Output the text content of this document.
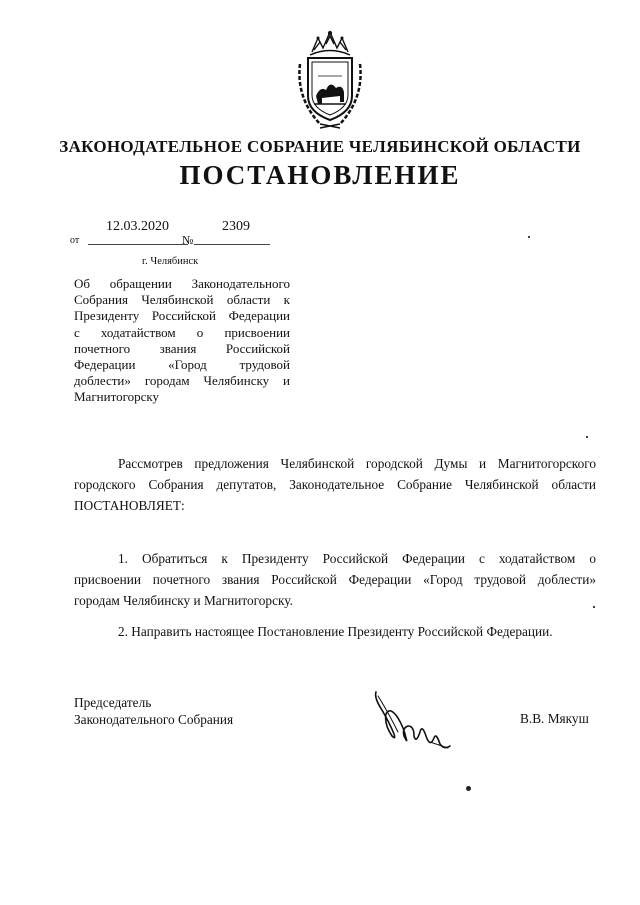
ЗАКОНОДАТЕЛЬНОЕ СОБРАНИЕ ЧЕЛЯБИНСКОЙ ОБЛАСТИ
ПОСТАНОВЛЕНИЕ
12.03.2020	2309
от	№
г. Челябинск
Об обращении Законодательного
Собрания Челябинской области к
Президенту Российской Федерации
с ходатайством о присвоении
почетного звания Российской
Федерации «Город трудовой
доблести» городам Челябинску и
Магнитогорску
Рассмотрев предложения Челябинской городской Думы и Магнитогорского
городского Собрания депутатов, Законодательное Собрание Челябинской области
ПОСТАНОВЛЯЕТ:
1. Обратиться к Президенту Российской Федерации с ходатайством о
присвоении почетного звания Российской Федерации «Город трудовой доблести»
городам Челябинску и Магнитогорску.
2. Направить настоящее Постановление Президенту Российской Федерации.
Председатель
Законодательного Собрания	В.В. Мякуш
